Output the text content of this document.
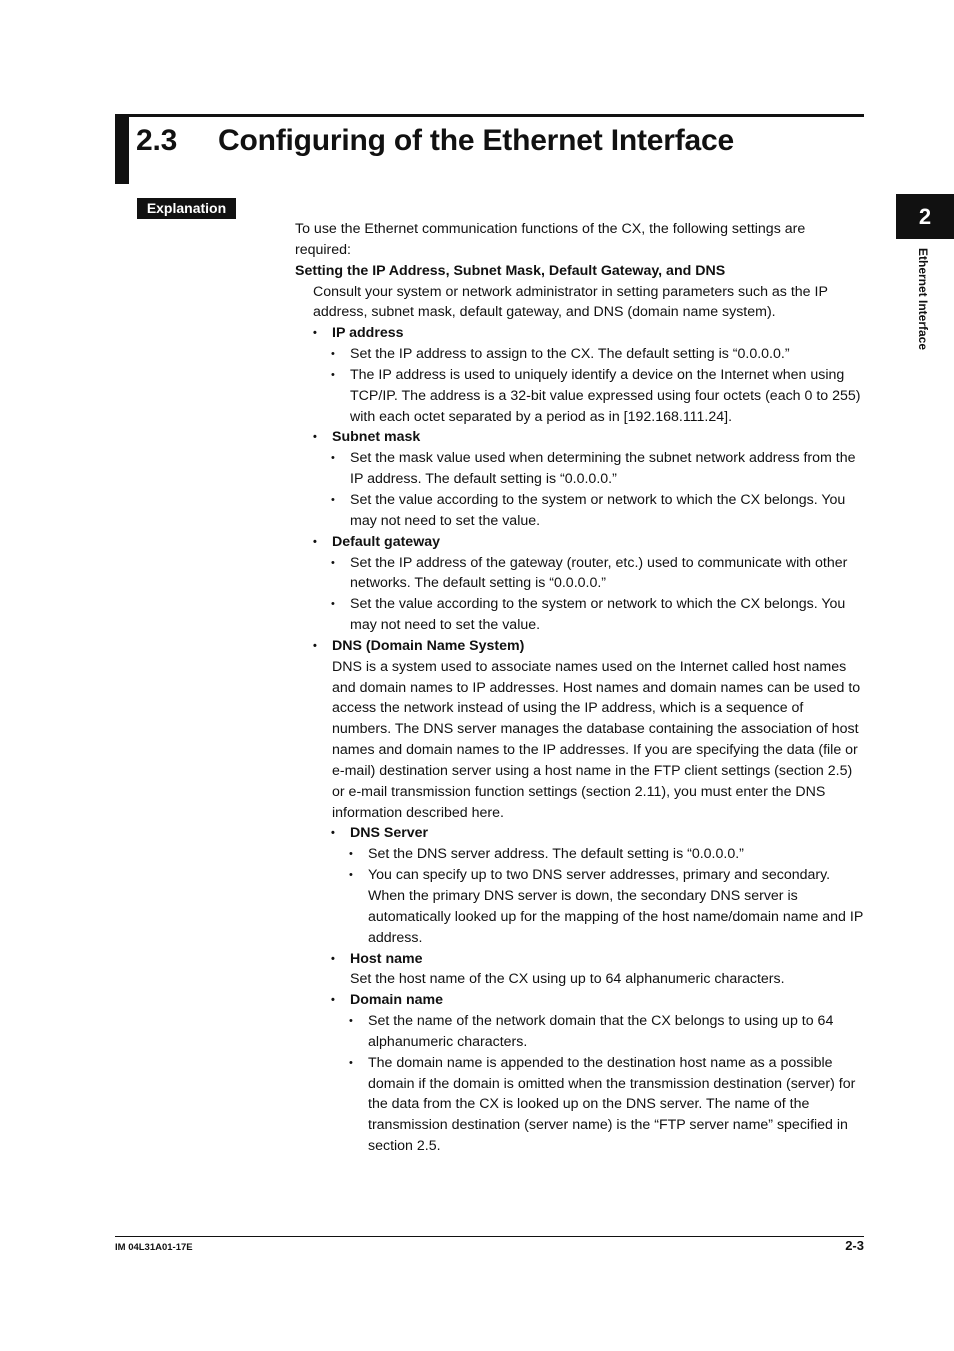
2.3 Configuring of the Ethernet Interface
Explanation	2
Ethernet Interface

To use the Ethernet communication functions of the CX, the following settings are required:

Setting the IP Address, Subnet Mask, Default Gateway, and DNS

Consult your system or network administrator in setting parameters such as the IP address, subnet mask, default gateway, and DNS (domain name system).

• IP address
• Set the IP address to assign to the CX. The default setting is “0.0.0.0.”
• The IP address is used to uniquely identify a device on the Internet when using TCP/IP. The address is a 32-bit value expressed using four octets (each 0 to 255) with each octet separated by a period as in [192.168.111.24].
• Subnet mask
• Set the mask value used when determining the subnet network address from the IP address. The default setting is “0.0.0.0.”
• Set the value according to the system or network to which the CX belongs. You may not need to set the value.
• Default gateway
• Set the IP address of the gateway (router, etc.) used to communicate with other networks. The default setting is “0.0.0.0.”
• Set the value according to the system or network to which the CX belongs. You may not need to set the value.
• DNS (Domain Name System)

DNS is a system used to associate names used on the Internet called host names and domain names to IP addresses. Host names and domain names can be used to access the network instead of using the IP address, which is a sequence of numbers. The DNS server manages the database containing the association of host names and domain names to the IP addresses. If you are specifying the data (file or e-mail) destination server using a host name in the FTP client settings (section 2.5) or e-mail transmission function settings (section 2.11), you must enter the DNS information described here.

• DNS Server
• Set the DNS server address. The default setting is “0.0.0.0.”
• You can specify up to two DNS server addresses, primary and secondary. When the primary DNS server is down, the secondary DNS server is automatically looked up for the mapping of the host name/domain name and IP address.
• Host name

Set the host name of the CX using up to 64 alphanumeric characters.

• Domain name
• Set the name of the network domain that the CX belongs to using up to 64 alphanumeric characters.
• The domain name is appended to the destination host name as a possible domain if the domain is omitted when the transmission destination (server) for the data from the CX is looked up on the DNS server. The name of the transmission destination (server name) is the “FTP server name” specified in section 2.5.
IM 04L31A01-17E	2-3
